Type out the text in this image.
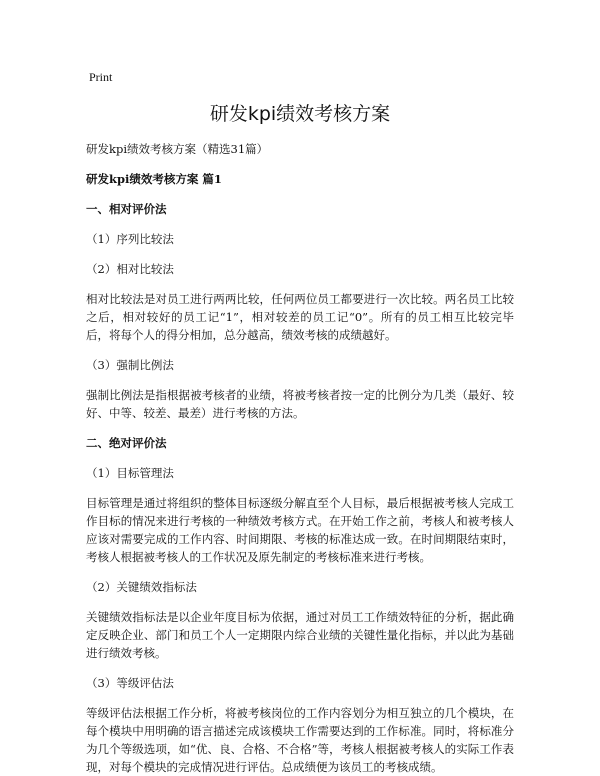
Print
研发kpi绩效考核方案
研发kpi绩效考核方案（精选31篇）
研发kpi绩效考核方案 篇1
一、相对评价法
（1）序列比较法
（2）相对比较法
相对比较法是对员工进行两两比较，任何两位员工都要进行一次比较。两名员工比较之后，相对较好的员工记“1”，相对较差的员工记“0”。所有的员工相互比较完毕后，将每个人的得分相加，总分越高，绩效考核的成绩越好。
（3）强制比例法
强制比例法是指根据被考核者的业绩，将被考核者按一定的比例分为几类（最好、较好、中等、较差、最差）进行考核的方法。
二、绝对评价法
（1）目标管理法
目标管理是通过将组织的整体目标逐级分解直至个人目标，最后根据被考核人完成工作目标的情况来进行考核的一种绩效考核方式。在开始工作之前，考核人和被考核人应该对需要完成的工作内容、时间期限、考核的标准达成一致。在时间期限结束时，考核人根据被考核人的工作状况及原先制定的考核标准来进行考核。
（2）关键绩效指标法
关键绩效指标法是以企业年度目标为依据，通过对员工工作绩效特征的分析，据此确定反映企业、部门和员工个人一定期限内综合业绩的关键性量化指标，并以此为基础进行绩效考核。
（3）等级评估法
等级评估法根据工作分析，将被考核岗位的工作内容划分为相互独立的几个模块，在每个模块中用明确的语言描述完成该模块工作需要达到的工作标准。同时，将标准分为几个等级选项，如“优、良、合格、不合格”等，考核人根据被考核人的实际工作表现，对每个模块的完成情况进行评估。总成绩便为该员工的考核成绩。
